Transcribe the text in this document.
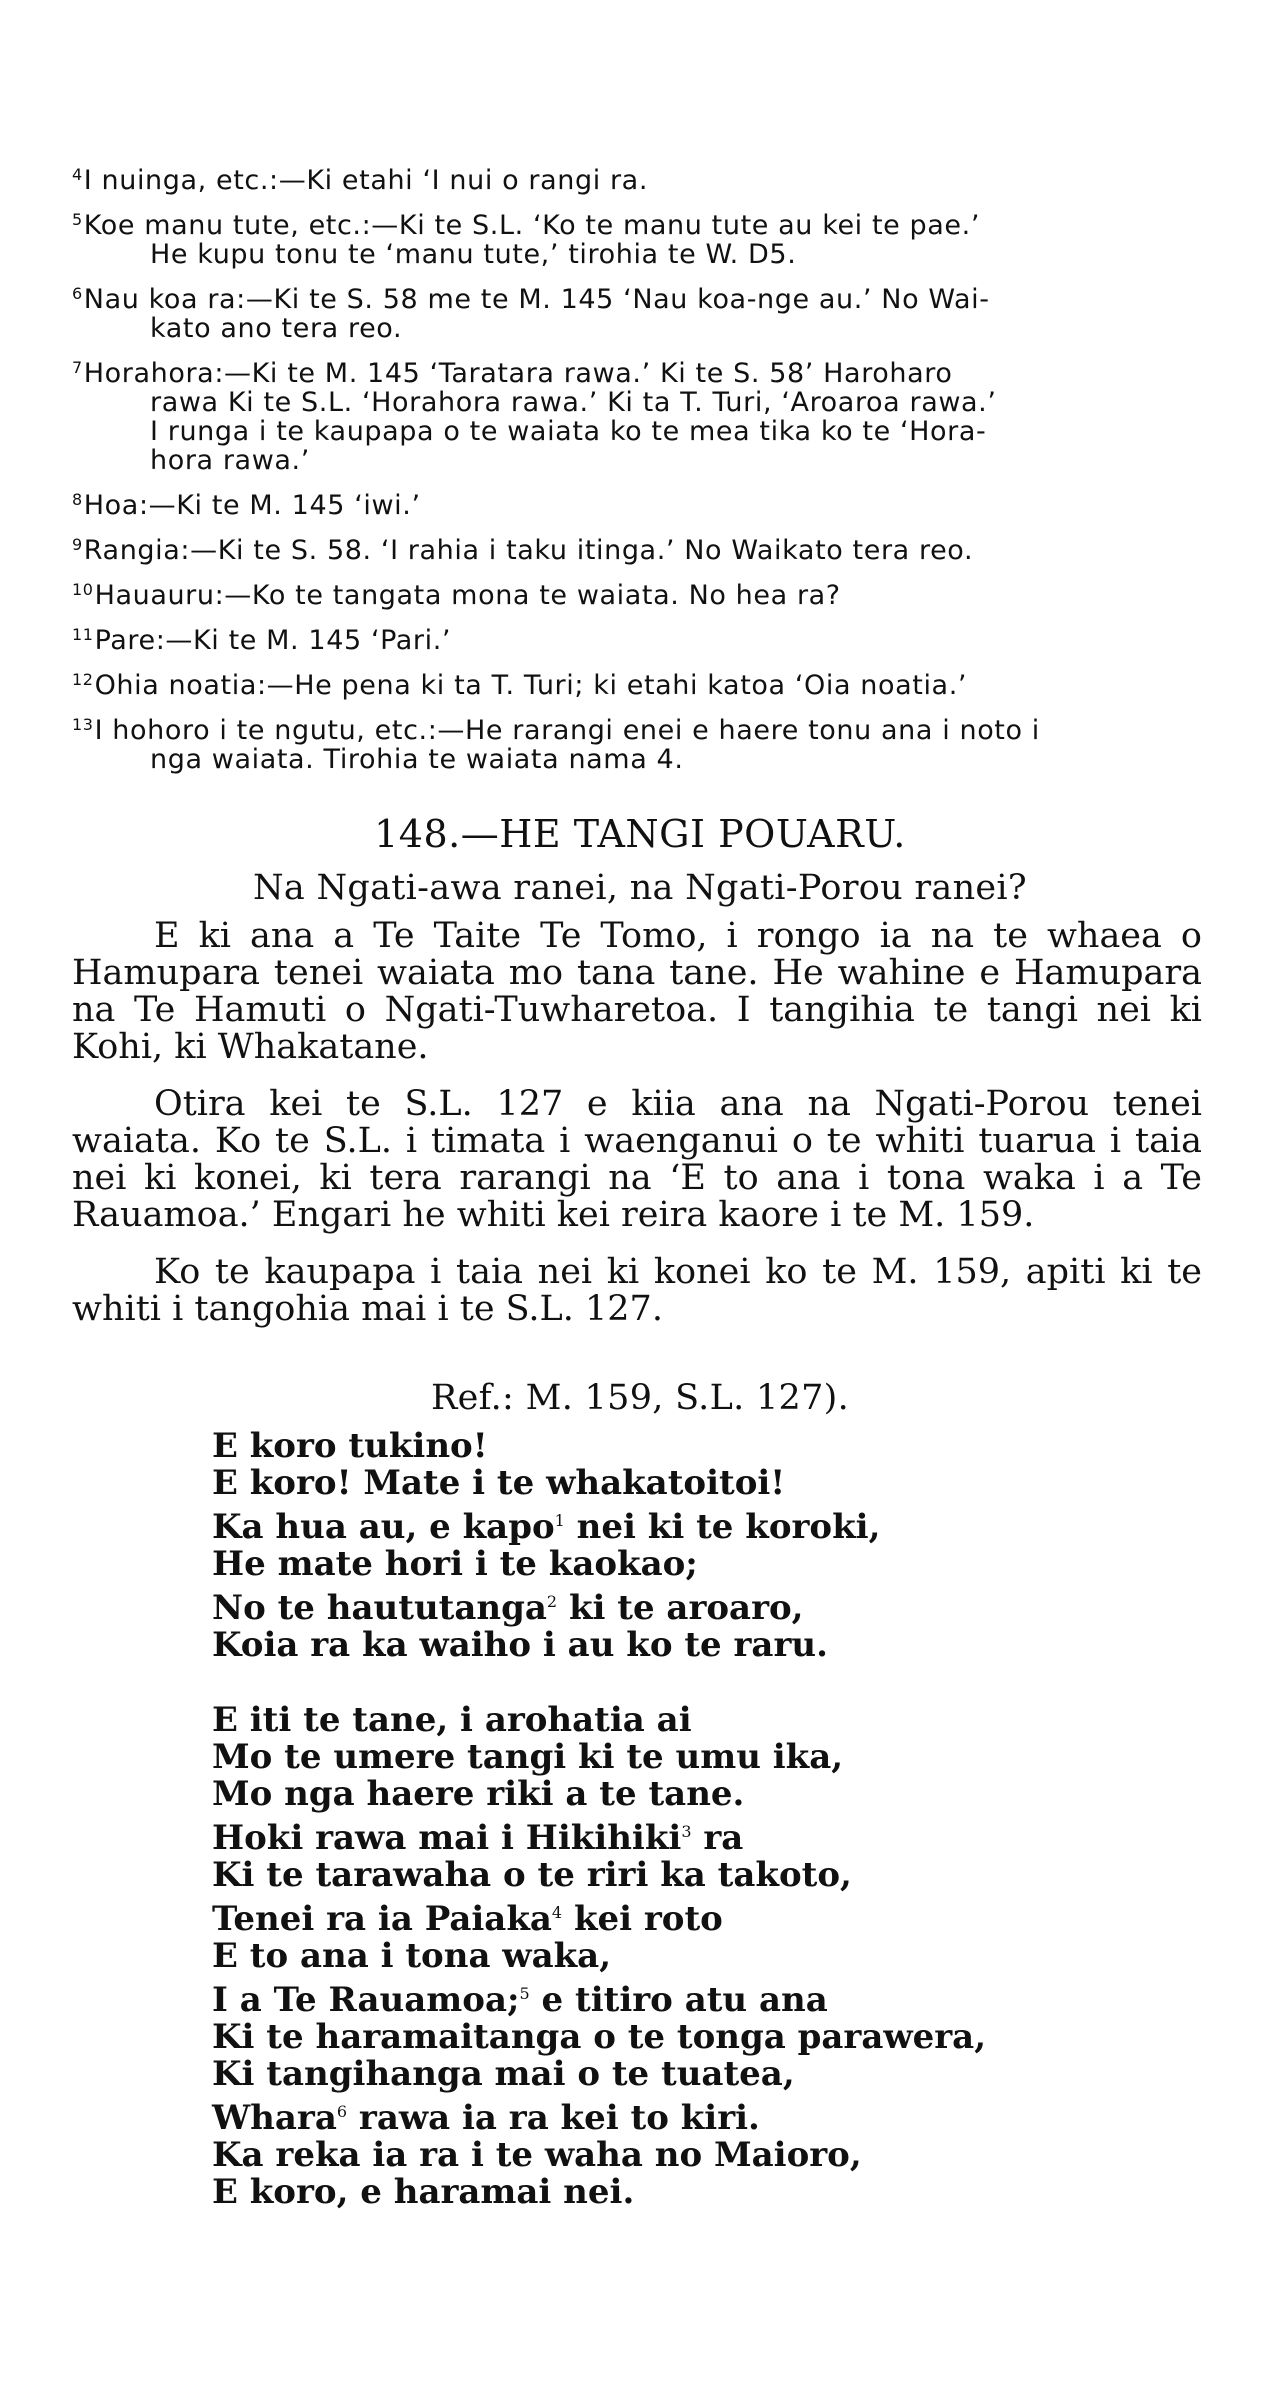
$^4$I nuinga, etc.:—Ki etahi ‘I nui o rangi ra.
$^5$Koe manu tute, etc.:—Ki te S.L. ‘Ko te manu tute au kei te pae.’
He kupu tonu te ‘manu tute,’ tirohia te W. D5.
$^6$Nau koa ra:—Ki te S. 58 me te M. 145 ‘Nau koa-nge au.’ No Wai-
kato ano tera reo.
$^7$Horahora:—Ki te M. 145 ‘Taratara rawa.’ Ki te S. 58’ Haroharo
rawa Ki te S.L. ‘Horahora rawa.’ Ki ta T. Turi, ‘Aroaroa rawa.’
I runga i te kaupapa o te waiata ko te mea tika ko te ‘Hora-
hora rawa.’
$^8$Hoa:—Ki te M. 145 ‘iwi.’
$^9$Rangia:—Ki te S. 58. ‘I rahia i taku itinga.’ No Waikato tera reo.
$^{10}$Hauauru:—Ko te tangata mona te waiata. No hea ra?
$^{11}$Pare:—Ki te M. 145 ‘Pari.’
$^{12}$Ohia noatia:—He pena ki ta T. Turi; ki etahi katoa ‘Oia noatia.’
$^{13}$I hohoro i te ngutu, etc.:—He rarangi enei e haere tonu ana i noto i
nga waiata. Tirohia te waiata nama 4.
148.—HE TANGI POUARU.
Na Ngati-awa ranei, na Ngati-Porou ranei?

E ki ana a Te Taite Te Tomo, i rongo ia na te whaea o Hamupara tenei waiata mo tana tane. He wahine e Hamupara na Te Hamuti o Ngati-Tuwharetoa. I tangihia te tangi nei ki Kohi, ki Whakatane.

Otira kei te S.L. 127 e kiia ana na Ngati-Porou tenei waiata. Ko te S.L. i timata i waenganui o te whiti tuarua i taia nei ki konei, ki tera rarangi na ‘E to ana i tona waka i a Te Rauamoa.’ Engari he whiti kei reira kaore i te M. 159.

Ko te kaupapa i taia nei ki konei ko te M. 159, apiti ki te whiti i tangohia mai i te S.L. 127.

Ref.: M. 159, S.L. 127).
E koro tukino!
E koro! Mate i te whakatoitoi!
Ka hua au, e kapo$^1$ nei ki te koroki,
He mate hori i te kaokao;
No te haututanga$^2$ ki te aroaro,
Koia ra ka waiho i au ko te raru.
E iti te tane, i arohatia ai
Mo te umere tangi ki te umu ika,
Mo nga haere riki a te tane.
Hoki rawa mai i Hikihiki$^3$ ra
Ki te tarawaha o te riri ka takoto,
Tenei ra ia Paiaka$^4$ kei roto
E to ana i tona waka,
I a Te Rauamoa;$^5$ e titiro atu ana
Ki te haramaitanga o te tonga parawera,
Ki tangihanga mai o te tuatea,
Whara$^6$ rawa ia ra kei to kiri.
Ka reka ia ra i te waha no Maioro,
E koro, e haramai nei.
